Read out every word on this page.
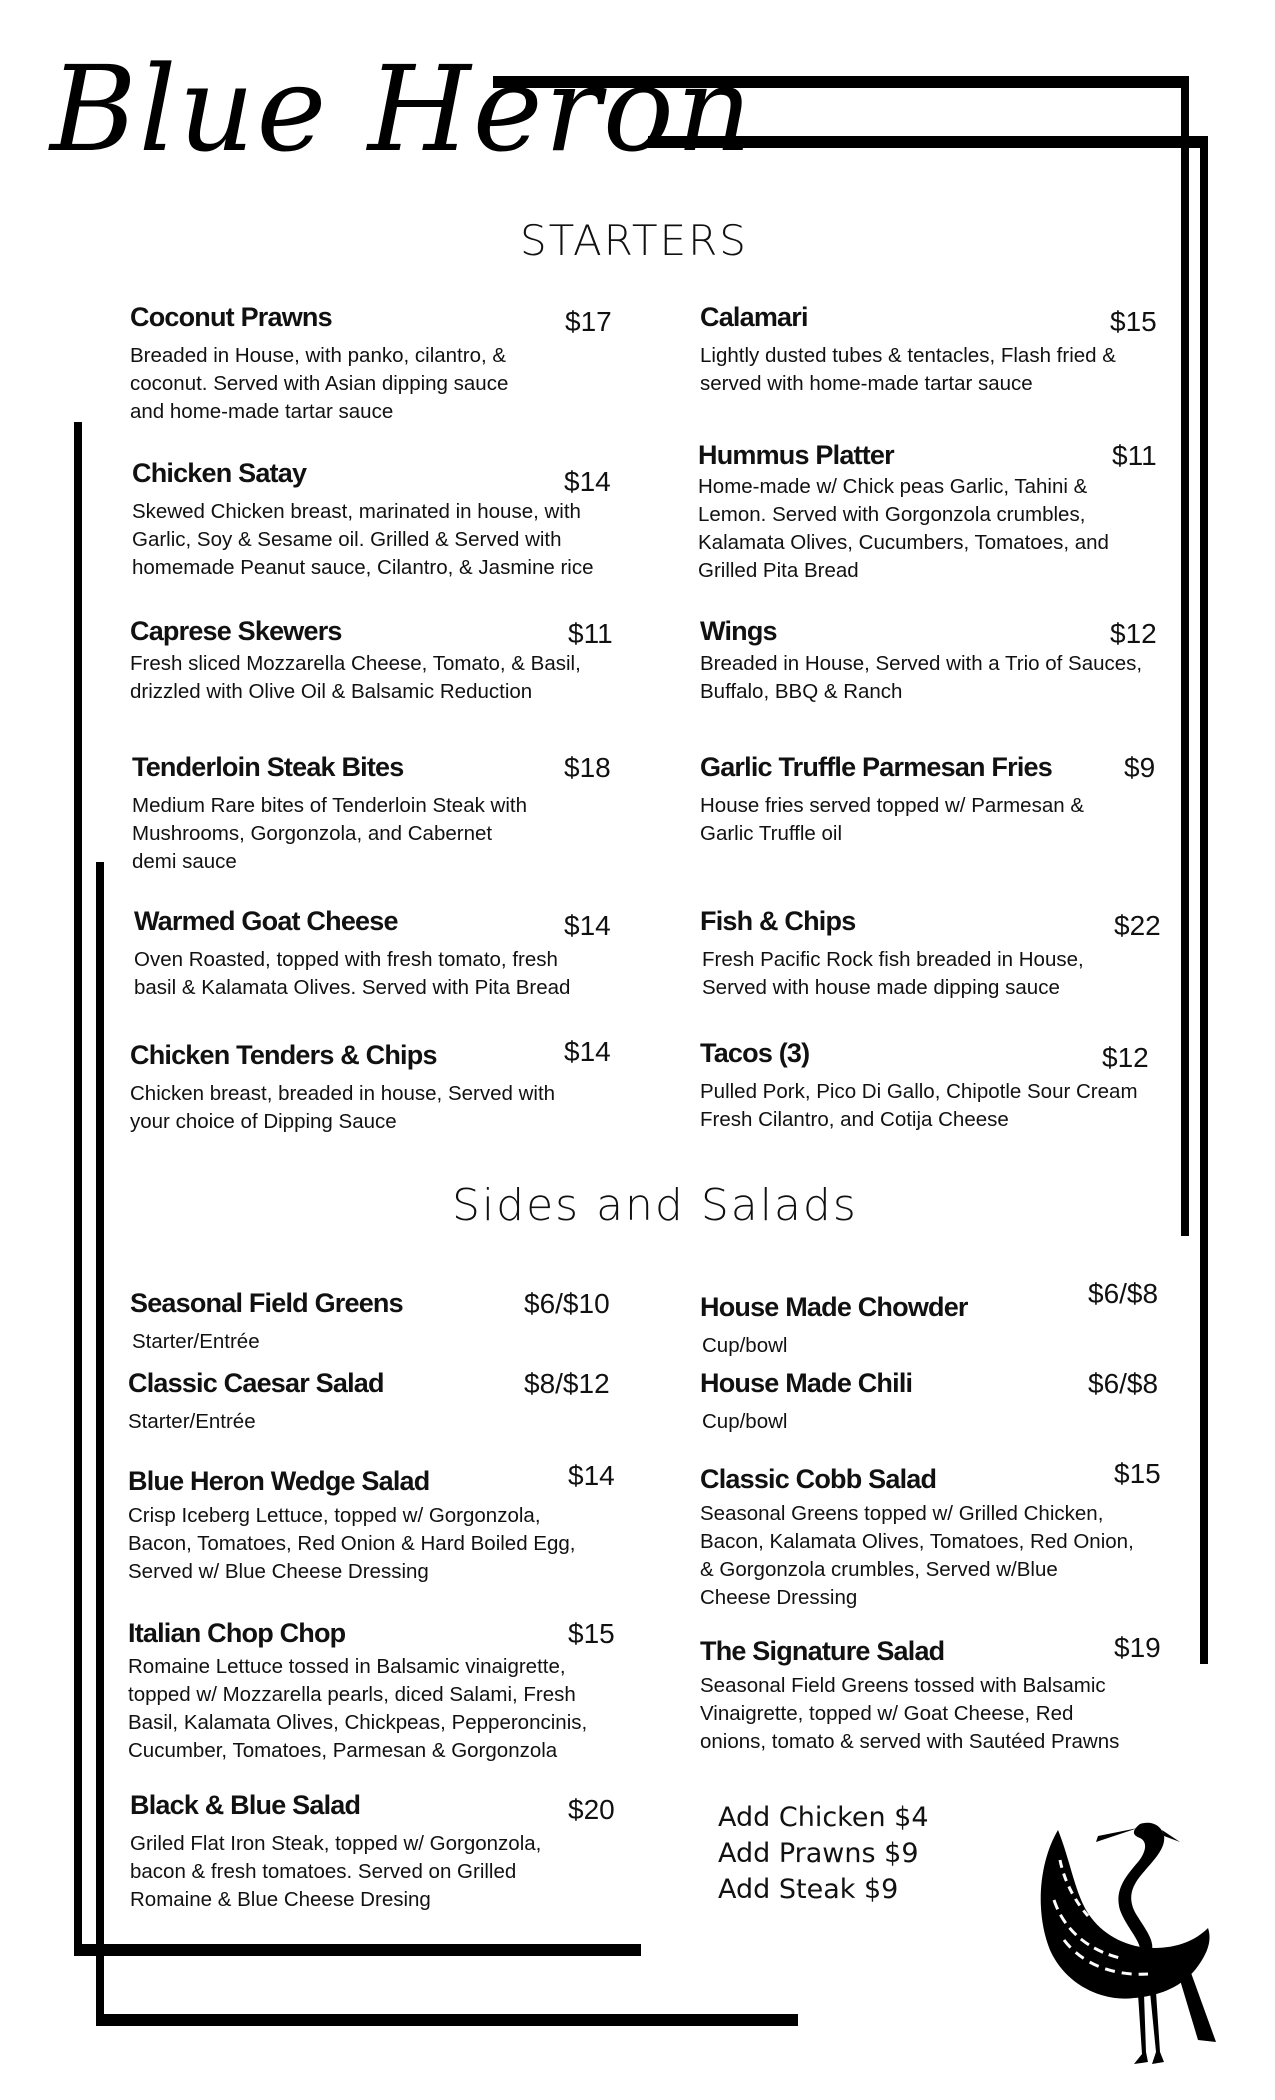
Blue Heron
STARTERS
Sides and Salads
Coconut Prawns	$17
Breaded in House, with panko, cilantro, &
coconut. Served with Asian dipping sauce
and home-made tartar sauce
Calamari	$15
Lightly dusted tubes & tentacles, Flash fried &
served with home-made tartar sauce
Chicken Satay	$14
Skewed Chicken breast, marinated in house, with
Garlic, Soy & Sesame oil. Grilled & Served with
homemade Peanut sauce, Cilantro, & Jasmine rice
Hummus Platter	$11
Home-made w/ Chick peas Garlic, Tahini &
Lemon. Served with Gorgonzola crumbles,
Kalamata Olives, Cucumbers, Tomatoes, and
Grilled Pita Bread
Caprese Skewers	$11
Fresh sliced Mozzarella Cheese, Tomato, & Basil,
drizzled with Olive Oil & Balsamic Reduction
Wings	$12
Breaded in House, Served with a Trio of Sauces,
Buffalo, BBQ & Ranch
Tenderloin Steak Bites	$18
Medium Rare bites of Tenderloin Steak with
Mushrooms, Gorgonzola, and Cabernet
demi sauce
Garlic Truffle Parmesan Fries	$9
House fries served topped w/ Parmesan &
Garlic Truffle oil
Warmed Goat Cheese	$14
Oven Roasted, topped with fresh tomato, fresh
basil & Kalamata Olives. Served with Pita Bread
Fish & Chips	$22
Fresh Pacific Rock fish breaded in House,
Served with house made dipping sauce
Chicken Tenders & Chips	$14
Chicken breast, breaded in house, Served with
your choice of Dipping Sauce
Tacos (3)	$12
Pulled Pork, Pico Di Gallo, Chipotle Sour Cream
Fresh Cilantro, and Cotija Cheese
Seasonal Field Greens	$6/$10
Starter/Entrée
House Made Chowder	$6/$8
Cup/bowl
Classic Caesar Salad	$8/$12
Starter/Entrée
House Made Chili	$6/$8
Cup/bowl
Blue Heron Wedge Salad	$14
Crisp Iceberg Lettuce, topped w/ Gorgonzola,
Bacon, Tomatoes, Red Onion & Hard Boiled Egg,
Served w/ Blue Cheese Dressing
Classic Cobb Salad	$15
Seasonal Greens topped w/ Grilled Chicken,
Bacon, Kalamata Olives, Tomatoes, Red Onion,
& Gorgonzola crumbles, Served w/Blue
Cheese Dressing
Italian Chop Chop	$15
Romaine Lettuce tossed in Balsamic vinaigrette,
topped w/ Mozzarella pearls, diced Salami, Fresh
Basil, Kalamata Olives, Chickpeas, Pepperoncinis,
Cucumber, Tomatoes, Parmesan & Gorgonzola
The Signature Salad	$19
Seasonal Field Greens tossed with Balsamic
Vinaigrette, topped w/ Goat Cheese, Red
onions, tomato & served with Sautéed Prawns
Black & Blue Salad	$20
Griled Flat Iron Steak, topped w/ Gorgonzola,
bacon & fresh tomatoes. Served on Grilled
Romaine & Blue Cheese Dresing
Add Chicken $4
Add Prawns $9
Add Steak $9
